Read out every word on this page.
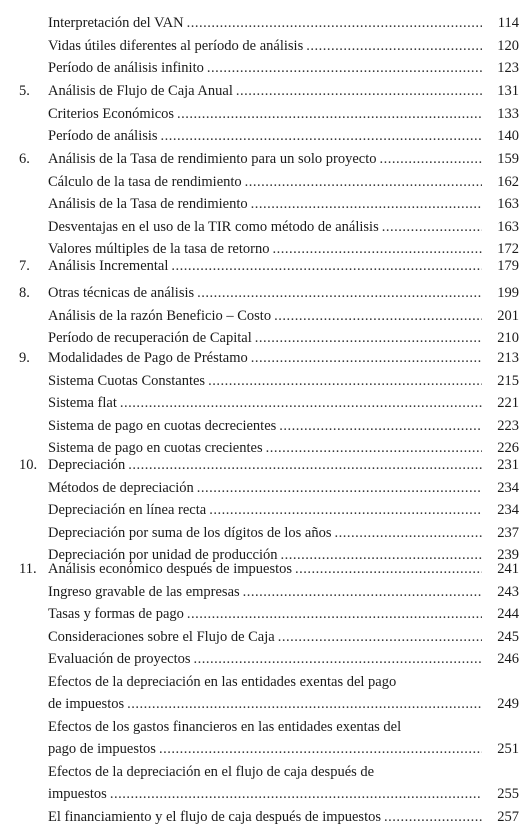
Interpretación del VAN .....	114
Vidas útiles diferentes al período de análisis .....	120
Período de análisis infinito .....	123
5. Análisis de Flujo de Caja Anual .....	131
Criterios Económicos .....	133
Período de análisis .....	140
6. Análisis de la Tasa de rendimiento para un solo proyecto .....	159
Cálculo de la tasa de rendimiento .....	162
Análisis de la Tasa de rendimiento .....	163
Desventajas en el uso de la TIR como método de análisis .....	163
Valores múltiples de la tasa de retorno .....	172
7. Análisis Incremental .....	179
8. Otras técnicas de análisis .....	199
Análisis de la razón Beneficio – Costo .....	201
Período de recuperación de Capital .....	210
9. Modalidades de Pago de Préstamo .....	213
Sistema Cuotas Constantes .....	215
Sistema flat .....	221
Sistema de pago en cuotas decrecientes .....	223
Sistema de pago en cuotas crecientes .....	226
10. Depreciación .....	231
Métodos de depreciación .....	234
Depreciación en línea recta .....	234
Depreciación por suma de los dígitos de los años .....	237
Depreciación por unidad de producción .....	239
11. Análisis económico después de impuestos .....	241
Ingreso gravable de las empresas .....	243
Tasas y formas de pago .....	244
Consideraciones sobre el Flujo de Caja .....	245
Evaluación de proyectos .....	246
Efectos de la depreciación en las entidades exentas del pago
de impuestos .....	249
Efectos de los gastos financieros en las entidades exentas del
pago de impuestos .....	251
Efectos de la depreciación en el flujo de caja después de
impuestos .....	255
El financiamiento y el flujo de caja después de impuestos .....	257
